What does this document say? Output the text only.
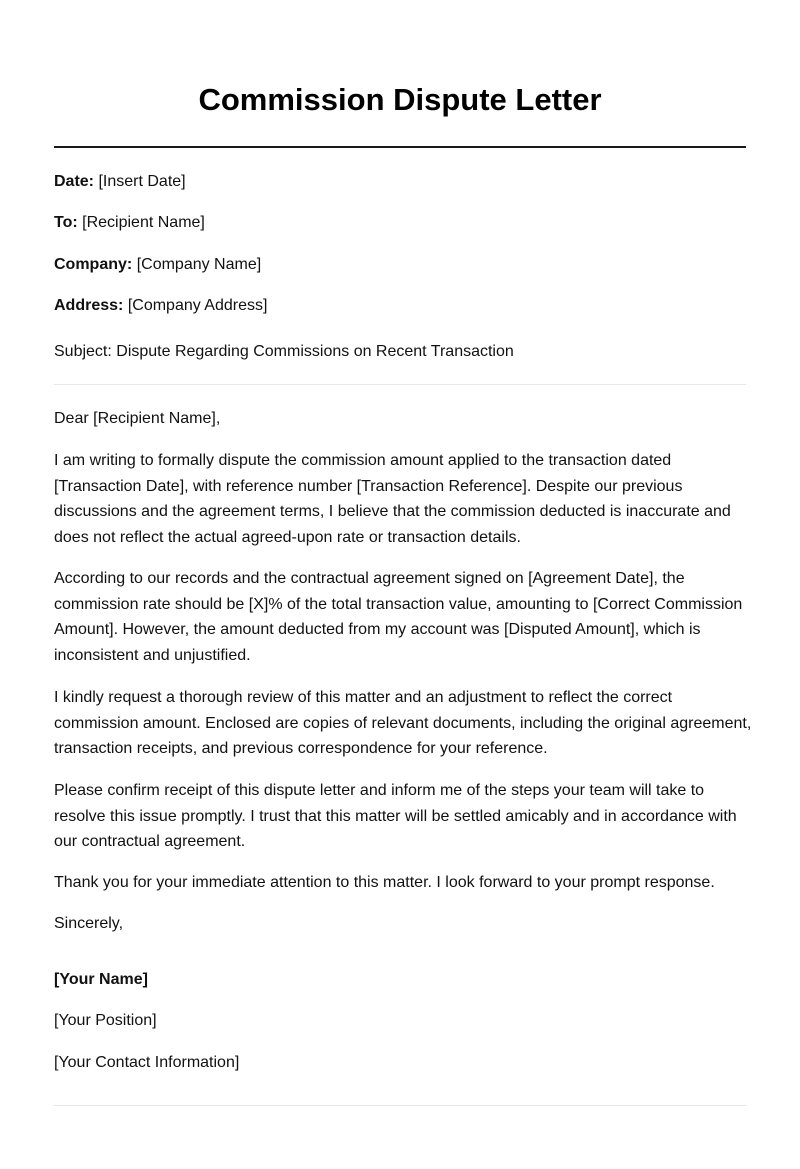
Commission Dispute Letter
Date: [Insert Date]
To: [Recipient Name]
Company: [Company Name]
Address: [Company Address]
Subject: Dispute Regarding Commissions on Recent Transaction
Dear [Recipient Name],
I am writing to formally dispute the commission amount applied to the transaction dated [Transaction Date], with reference number [Transaction Reference]. Despite our previous discussions and the agreement terms, I believe that the commission deducted is inaccurate and does not reflect the actual agreed-upon rate or transaction details.
According to our records and the contractual agreement signed on [Agreement Date], the commission rate should be [X]% of the total transaction value, amounting to [Correct Commission Amount]. However, the amount deducted from my account was [Disputed Amount], which is inconsistent and unjustified.
I kindly request a thorough review of this matter and an adjustment to reflect the correct commission amount. Enclosed are copies of relevant documents, including the original agreement, transaction receipts, and previous correspondence for your reference.
Please confirm receipt of this dispute letter and inform me of the steps your team will take to resolve this issue promptly. I trust that this matter will be settled amicably and in accordance with our contractual agreement.
Thank you for your immediate attention to this matter. I look forward to your prompt response.
Sincerely,
[Your Name]
[Your Position]
[Your Contact Information]
